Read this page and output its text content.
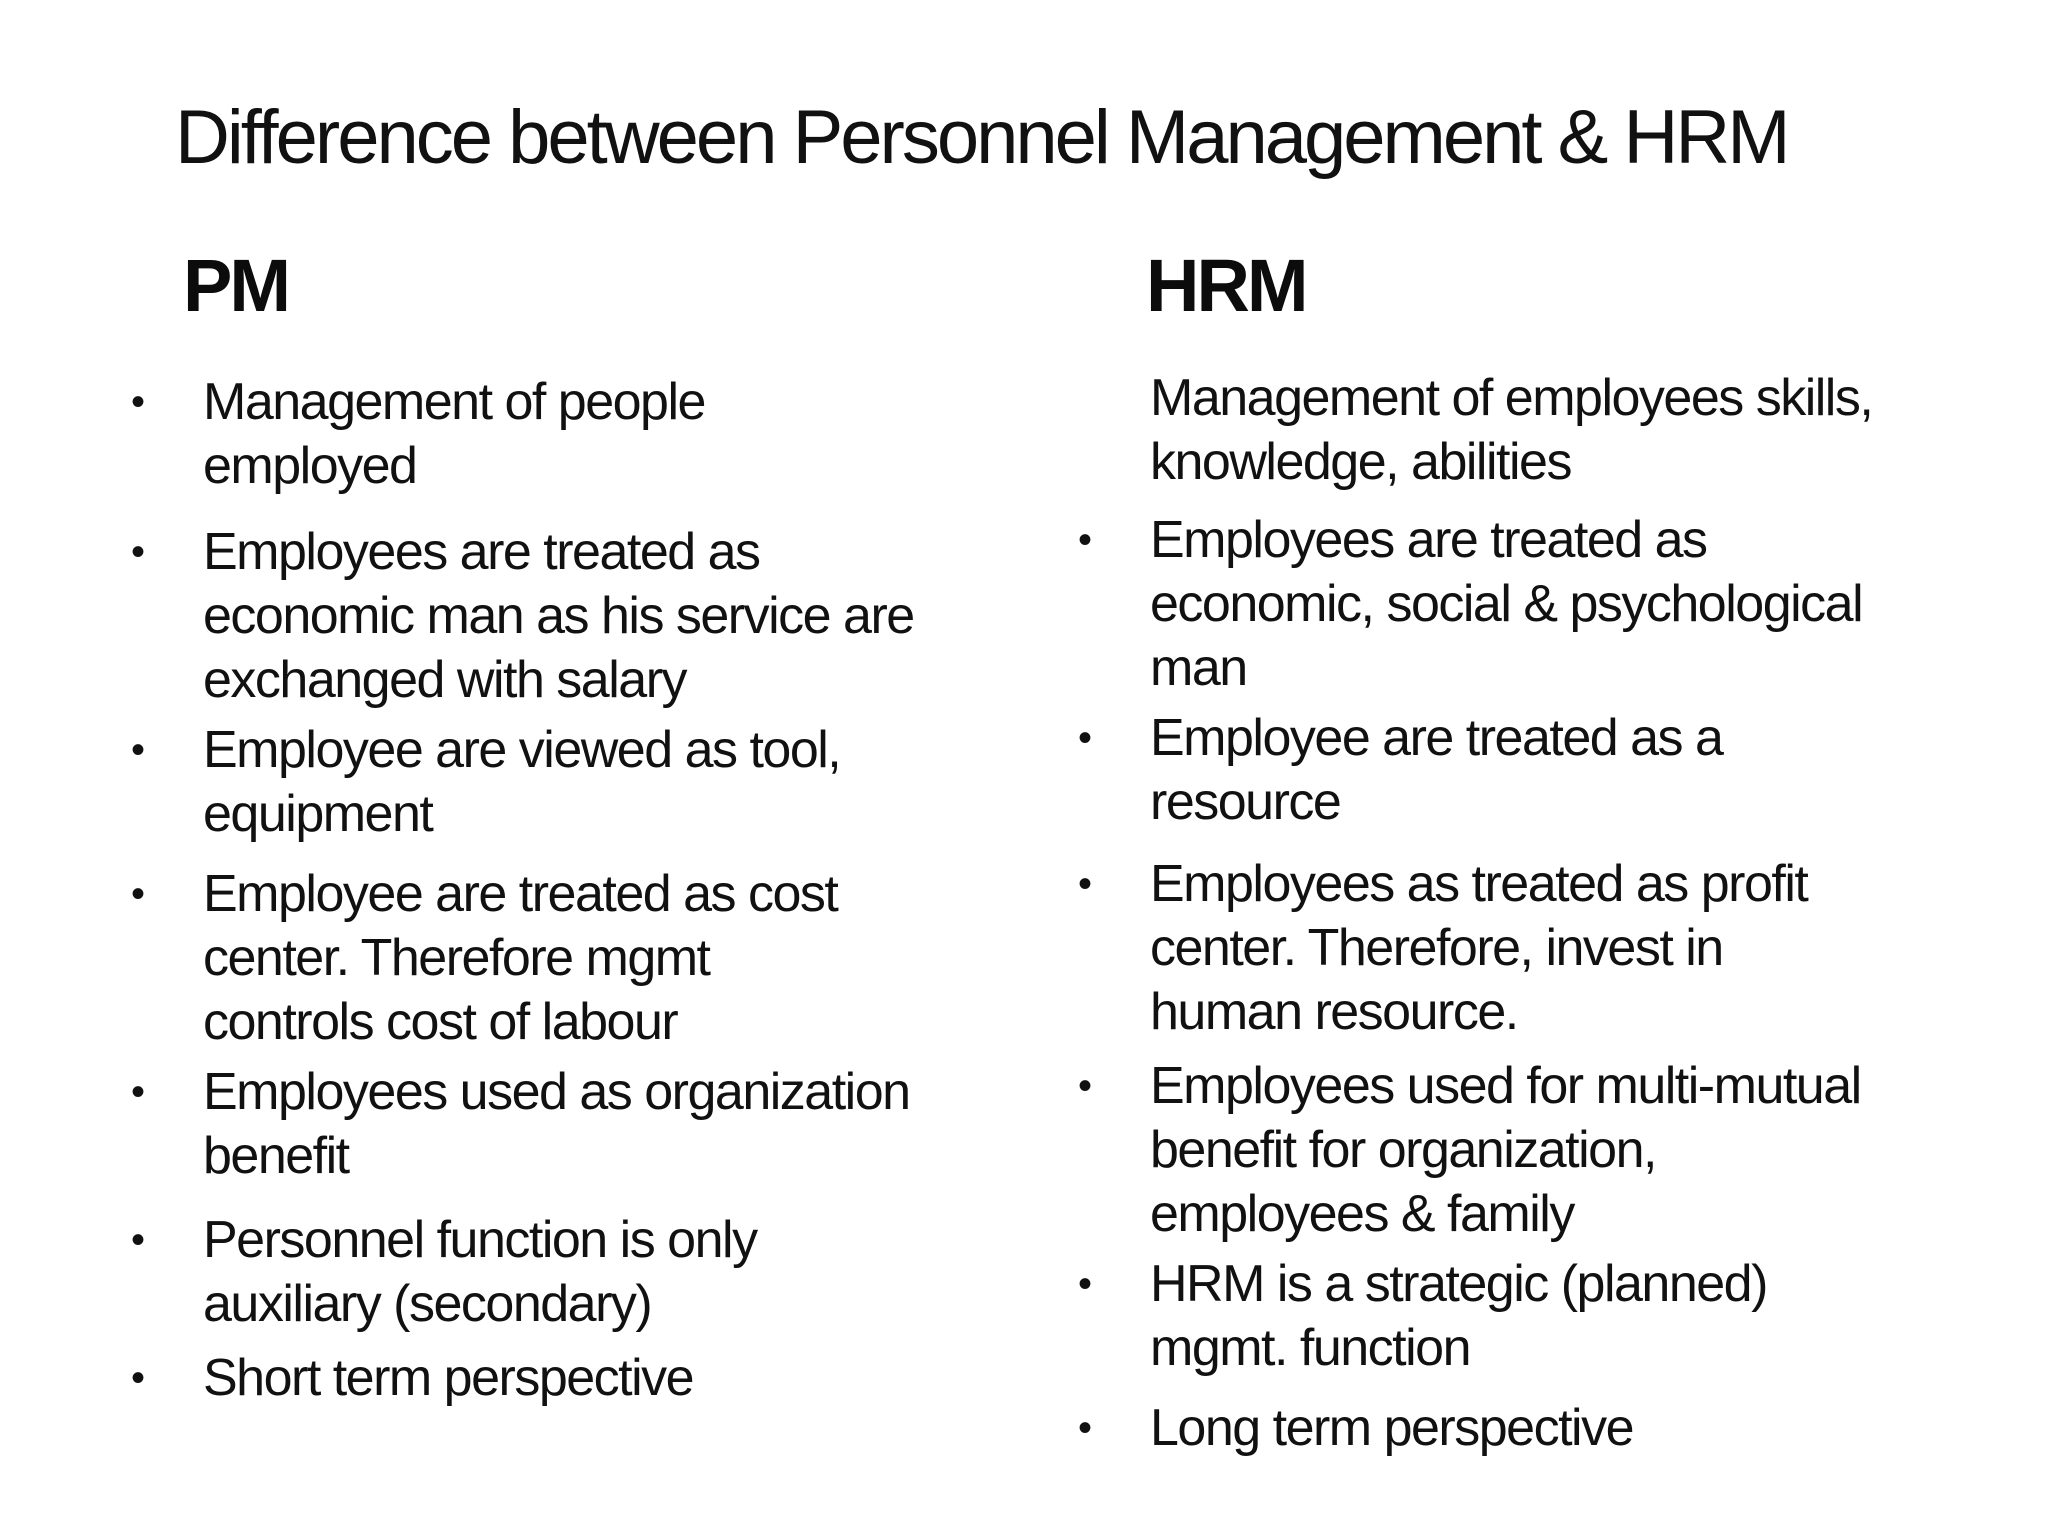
Difference between Personnel Management & HRM
PM	HRM
• Management of people
employed
• Employees are treated as
economic man as his service are
exchanged with salary
• Employee are viewed as tool,
equipment
• Employee are treated as cost
center. Therefore mgmt
controls cost of labour
• Employees used as organization
benefit
• Personnel function is only
auxiliary (secondary)
• Short term perspective
Management of employees skills,
knowledge, abilities
• Employees are treated as
economic, social & psychological
man
• Employee are treated as a
resource
• Employees as treated as profit
center. Therefore, invest in
human resource.
• Employees used for multi-mutual
benefit for organization,
employees & family
• HRM is a strategic (planned)
mgmt. function
• Long term perspective
